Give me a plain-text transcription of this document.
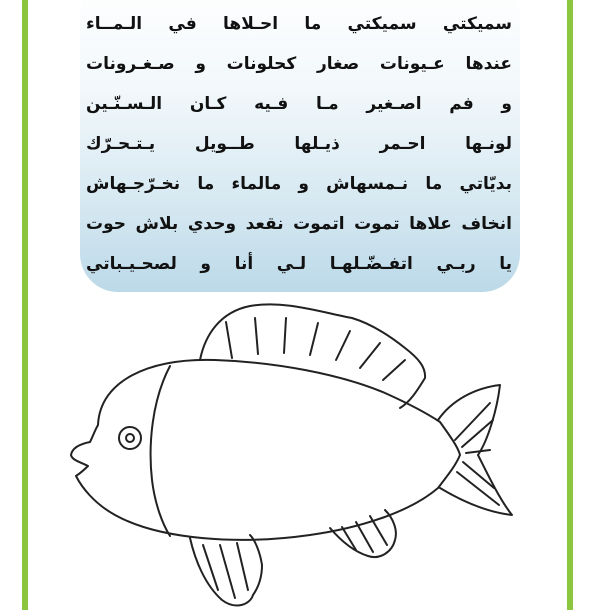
سميكتي سميكتي ما احـلاها في الـمــاء
عندها عـيونات صغار كحلونات و صـغـرونات
و فم اصـغير مـا فـيه كـان الـسـنّـين
لونـها احـمر ذيـلها طــويل يـتـحـرّك
بديّاتي ما نـمسهاش و مالماء ما نخـرّجـهاش
انخاف علاها تموت اتموت نقعد وحدي بلاش حوت
يا ربـي اتفـضّـلهـا لـي أنا و لصحـيـباتي
